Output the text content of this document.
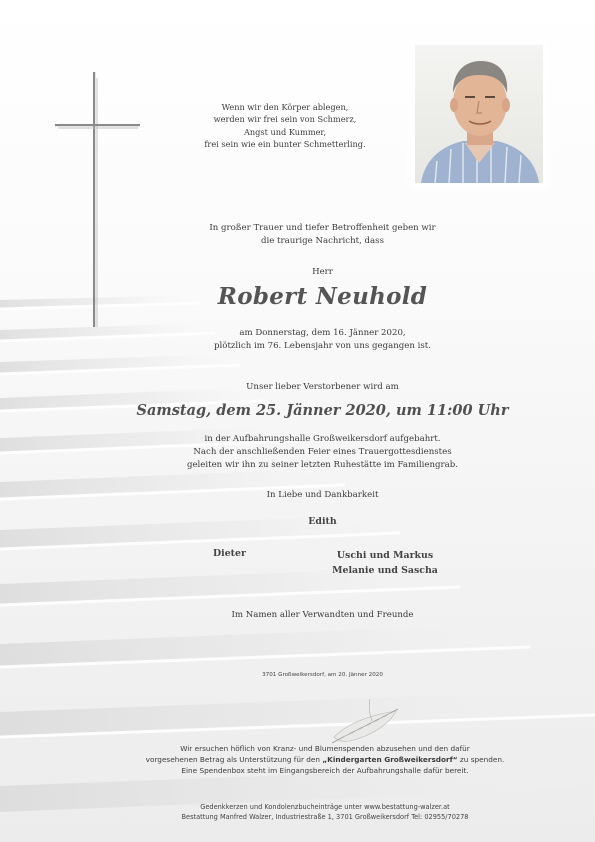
Wenn wir den Körper ablegen,
werden wir frei sein von Schmerz,
Angst und Kummer,
frei sein wie ein bunter Schmetterling.
In großer Trauer und tiefer Betroffenheit geben wir
die traurige Nachricht, dass
Herr
Robert Neuhold
am Donnerstag, dem 16. Jänner 2020,
plötzlich im 76. Lebensjahr von uns gegangen ist.
Unser lieber Verstorbener wird am
Samstag, dem 25. Jänner 2020, um 11:00 Uhr
in der Aufbahrungshalle Großweikersdorf aufgebahrt.
Nach der anschließenden Feier eines Trauergottesdienstes
geleiten wir ihn zu seiner letzten Ruhestätte im Familiengrab.
In Liebe und Dankbarkeit
Edith
Dieter	Uschi und Markus
Melanie und Sascha
Im Namen aller Verwandten und Freunde
3701 Großweikersdorf, am 20. Jänner 2020
Wir ersuchen höflich von Kranz- und Blumenspenden abzusehen und den dafür
vorgesehenen Betrag als Unterstützung für den „Kindergarten Großweikersdorf“ zu spenden.
Eine Spendenbox steht im Eingangsbereich der Aufbahrungshalle dafür bereit.
Gedenkkerzen und Kondolenzbucheinträge unter www.bestattung-walzer.at
Bestattung Manfred Walzer, Industriestraße 1, 3701 Großweikersdorf Tel: 02955/70278
